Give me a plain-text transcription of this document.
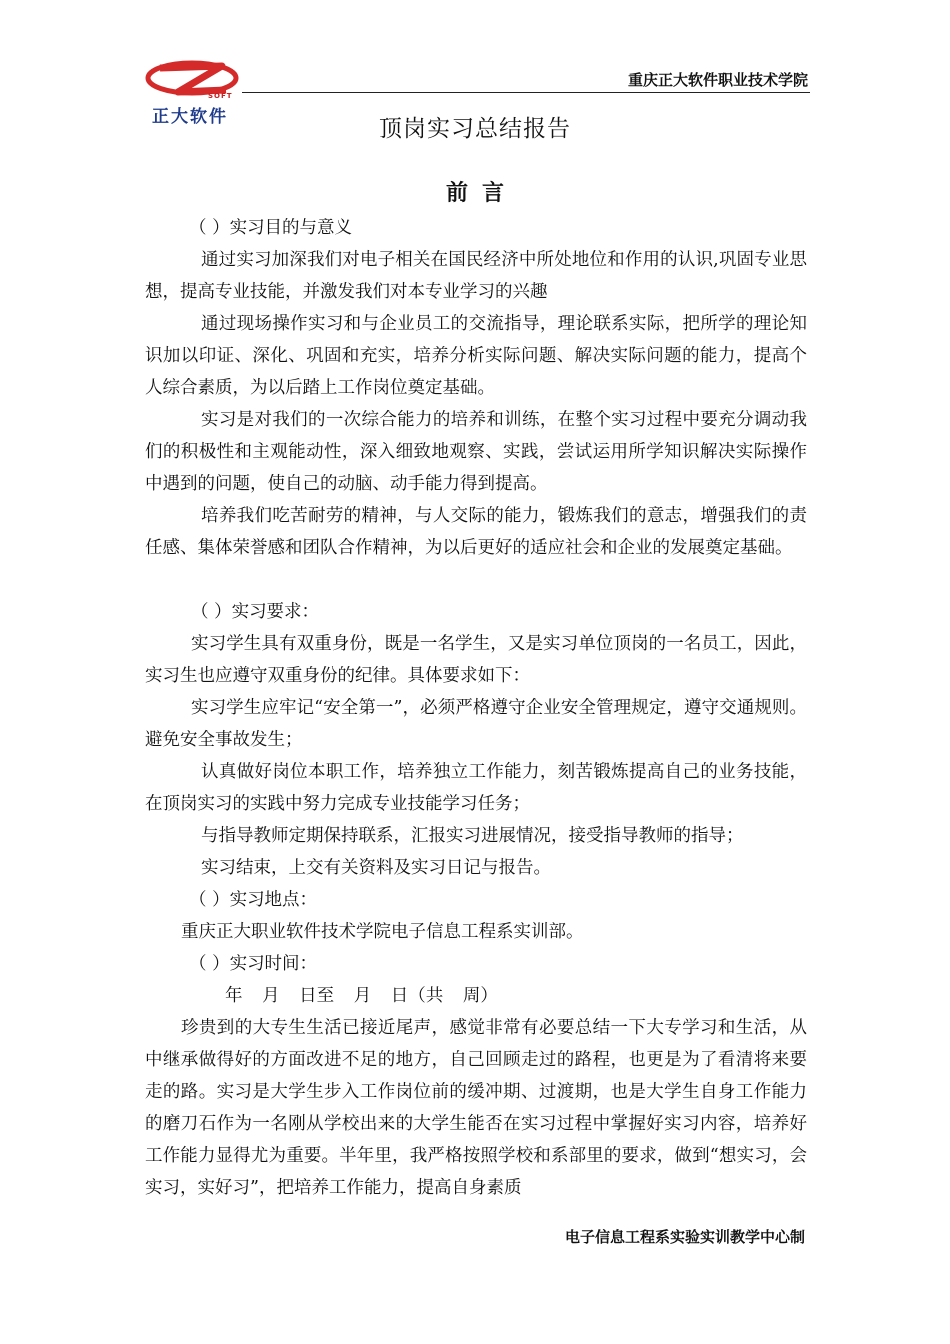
SOFT
正大软件
重庆正大软件职业技术学院
顶岗实习总结报告
前言

（ ）实习目的与意义

通过实习加深我们对电子相关在国民经济中所处地位和作用的认识,巩固专业思想，提高专业技能，并激发我们对本专业学习的兴趣

通过现场操作实习和与企业员工的交流指导，理论联系实际，把所学的理论知识加以印证、深化、巩固和充实，培养分析实际问题、解决实际问题的能力，提高个人综合素质，为以后踏上工作岗位奠定基础。

实习是对我们的一次综合能力的培养和训练，在整个实习过程中要充分调动我们的积极性和主观能动性，深入细致地观察、实践，尝试运用所学知识解决实际操作中遇到的问题，使自己的动脑、动手能力得到提高。

培养我们吃苦耐劳的精神，与人交际的能力，锻炼我们的意志，增强我们的责任感、集体荣誉感和团队合作精神，为以后更好的适应社会和企业的发展奠定基础。

（ ）实习要求：

实习学生具有双重身份，既是一名学生，又是实习单位顶岗的一名员工，因此，实习生也应遵守双重身份的纪律。具体要求如下：

实习学生应牢记“安全第一”，必须严格遵守企业安全管理规定，遵守交通规则。避免安全事故发生；

认真做好岗位本职工作，培养独立工作能力，刻苦锻炼提高自己的业务技能，在顶岗实习的实践中努力完成专业技能学习任务；

与指导教师定期保持联系，汇报实习进展情况，接受指导教师的指导；

实习结束，上交有关资料及实习日记与报告。

（ ）实习地点：

重庆正大职业软件技术学院电子信息工程系实训部。

（ ）实习时间：

年 月 日至 月 日（共 周）

珍贵到的大专生生活已接近尾声，感觉非常有必要总结一下大专学习和生活，从中继承做得好的方面改进不足的地方，自己回顾走过的路程，也更是为了看清将来要走的路。实习是大学生步入工作岗位前的缓冲期、过渡期，也是大学生自身工作能力的磨刀石作为一名刚从学校出来的大学生能否在实习过程中掌握好实习内容，培养好工作能力显得尤为重要。半年里，我严格按照学校和系部里的要求，做到“想实习，会实习，实好习”，把培养工作能力，提高自身素质

电子信息工程系实验实训教学中心制
